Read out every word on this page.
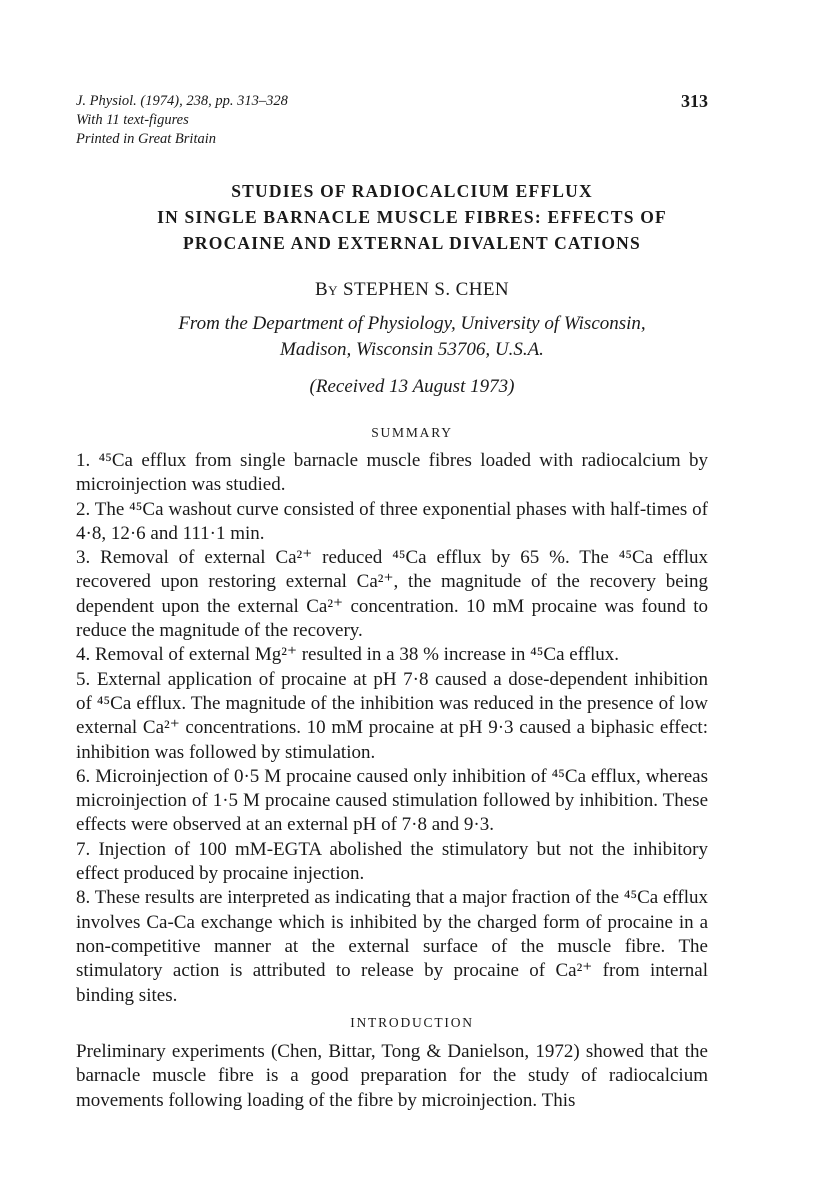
J. Physiol. (1974), 238, pp. 313–328
With 11 text-figures
Printed in Great Britain
313
STUDIES OF RADIOCALCIUM EFFLUX
IN SINGLE BARNACLE MUSCLE FIBRES: EFFECTS OF
PROCAINE AND EXTERNAL DIVALENT CATIONS
By STEPHEN S. CHEN
From the Department of Physiology, University of Wisconsin,
Madison, Wisconsin 53706, U.S.A.
(Received 13 August 1973)
SUMMARY

1. ⁴⁵Ca efflux from single barnacle muscle fibres loaded with radiocalcium by microinjection was studied.

2. The ⁴⁵Ca washout curve consisted of three exponential phases with half-times of 4·8, 12·6 and 111·1 min.

3. Removal of external Ca²⁺ reduced ⁴⁵Ca efflux by 65 %. The ⁴⁵Ca efflux recovered upon restoring external Ca²⁺, the magnitude of the recovery being dependent upon the external Ca²⁺ concentration. 10 mM procaine was found to reduce the magnitude of the recovery.

4. Removal of external Mg²⁺ resulted in a 38 % increase in ⁴⁵Ca efflux.

5. External application of procaine at pH 7·8 caused a dose-dependent inhibition of ⁴⁵Ca efflux. The magnitude of the inhibition was reduced in the presence of low external Ca²⁺ concentrations. 10 mM procaine at pH 9·3 caused a biphasic effect: inhibition was followed by stimulation.

6. Microinjection of 0·5 M procaine caused only inhibition of ⁴⁵Ca efflux, whereas microinjection of 1·5 M procaine caused stimulation followed by inhibition. These effects were observed at an external pH of 7·8 and 9·3.

7. Injection of 100 mM-EGTA abolished the stimulatory but not the inhibitory effect produced by procaine injection.

8. These results are interpreted as indicating that a major fraction of the ⁴⁵Ca efflux involves Ca-Ca exchange which is inhibited by the charged form of procaine in a non-competitive manner at the external surface of the muscle fibre. The stimulatory action is attributed to release by procaine of Ca²⁺ from internal binding sites.

INTRODUCTION

Preliminary experiments (Chen, Bittar, Tong & Danielson, 1972) showed that the barnacle muscle fibre is a good preparation for the study of radiocalcium movements following loading of the fibre by microinjection. This
